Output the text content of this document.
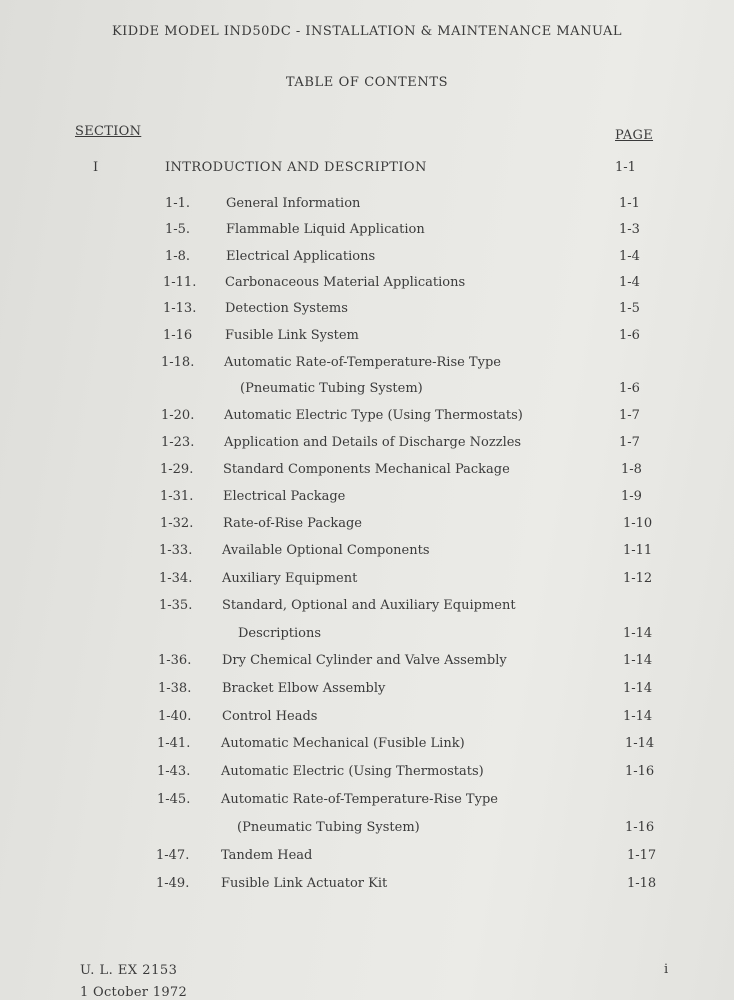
KIDDE MODEL IND50DC - INSTALLATION & MAINTENANCE MANUAL
TABLE OF CONTENTS
SECTION	PAGE
I	INTRODUCTION AND DESCRIPTION	1-1
1-1.	General Information	1-1
1-5.	Flammable Liquid Application	1-3
1-8.	Electrical Applications	1-4
1-11. Carbonaceous Material Applications	1-4
1-13. Detection Systems	1-5
1-16	Fusible Link System	1-6
1-18. Automatic Rate-of-Temperature-Rise Type
(Pneumatic Tubing System)	1-6
1-20. Automatic Electric Type (Using Thermostats)	1-7
1-23. Application and Details of Discharge Nozzles	1-7
1-29. Standard Components Mechanical Package	1-8
1-31. Electrical Package	1-9
1-32. Rate-of-Rise Package	1-10
1-33. Available Optional Components	1-11
1-34. Auxiliary Equipment	1-12
1-35. Standard, Optional and Auxiliary Equipment
Descriptions	1-14
1-36. Dry Chemical Cylinder and Valve Assembly	1-14
1-38. Bracket Elbow Assembly	1-14
1-40. Control Heads	1-14
1-41. Automatic Mechanical (Fusible Link)	1-14
1-43. Automatic Electric (Using Thermostats)	1-16
1-45. Automatic Rate-of-Temperature-Rise Type
(Pneumatic Tubing System)	1-16
1-47. Tandem Head	1-17
1-49. Fusible Link Actuator Kit	1-18
U. L. EX 2153
1 October 1972
i
